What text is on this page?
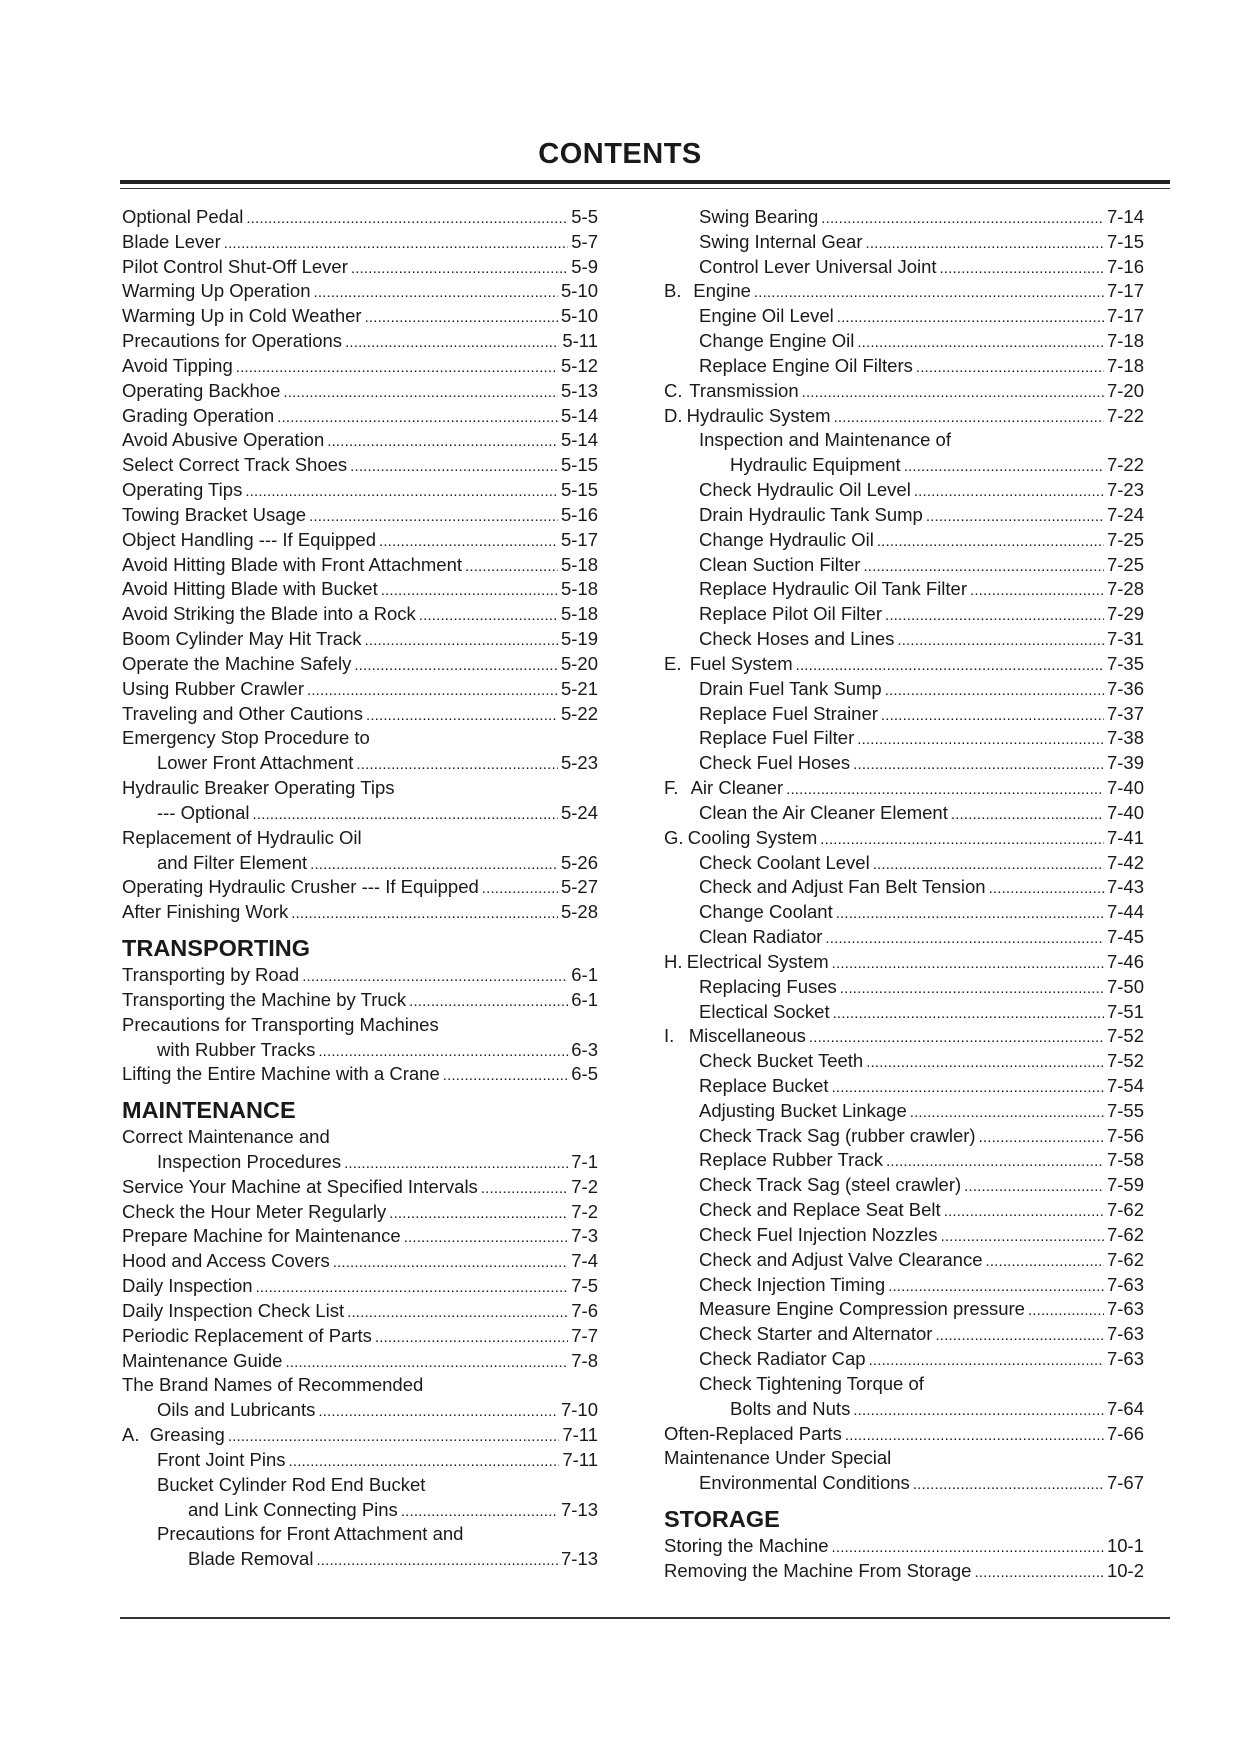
CONTENTS
Optional Pedal . . .	5-5
Blade Lever . . .	5-7
Pilot Control Shut-Off Lever . . .	5-9
Warming Up Operation . . .	5-10
Warming Up in Cold Weather . . .	5-10
Precautions for Operations . . .	5-11
Avoid Tipping . . .	5-12
Operating Backhoe . . .	5-13
Grading Operation . . .	5-14
Avoid Abusive Operation . . .	5-14
Select Correct Track Shoes . . .	5-15
Operating Tips . . .	5-15
Towing Bracket Usage . . .	5-16
Object Handling --- If Equipped . . .	5-17
Avoid Hitting Blade with Front Attachment . . .	5-18
Avoid Hitting Blade with Bucket . . .	5-18
Avoid Striking the Blade into a Rock . . .	5-18
Boom Cylinder May Hit Track . . .	5-19
Operate the Machine Safely . . .	5-20
Using Rubber Crawler . . .	5-21
Traveling and Other Cautions . . .	5-22
Emergency Stop Procedure to
Lower Front Attachment . . .	5-23
Hydraulic Breaker Operating Tips
--- Optional . . .	5-24
Replacement of Hydraulic Oil
and Filter Element . . .	5-26
Operating Hydraulic Crusher --- If Equipped . . .	5-27
After Finishing Work . . .	5-28
TRANSPORTING
Transporting by Road . . .	6-1
Transporting the Machine by Truck . . .	6-1
Precautions for Transporting Machines
with Rubber Tracks . . .	6-3
Lifting the Entire Machine with a Crane . . .	6-5
MAINTENANCE
Correct Maintenance and
Inspection Procedures . . .	7-1
Service Your Machine at Specified Intervals . . .	7-2
Check the Hour Meter Regularly . . .	7-2
Prepare Machine for Maintenance . . .	7-3
Hood and Access Covers . . .	7-4
Daily Inspection . . .	7-5
Daily Inspection Check List . . .	7-6
Periodic Replacement of Parts . . .	7-7
Maintenance Guide . . .	7-8
The Brand Names of Recommended
Oils and Lubricants . . .	7-10
A. Greasing . . .	7-11
Front Joint Pins . . .	7-11
Bucket Cylinder Rod End Bucket
and Link Connecting Pins . . .	7-13
Precautions for Front Attachment and
Blade Removal . . .	7-13
Swing Bearing . . .	7-14
Swing Internal Gear . . .	7-15
Control Lever Universal Joint . . .	7-16
B. Engine . . .	7-17
Engine Oil Level . . .	7-17
Change Engine Oil . . .	7-18
Replace Engine Oil Filters . . .	7-18
C. Transmission . . .	7-20
D. Hydraulic System . . .	7-22
Inspection and Maintenance of
Hydraulic Equipment . . .	7-22
Check Hydraulic Oil Level . . .	7-23
Drain Hydraulic Tank Sump . . .	7-24
Change Hydraulic Oil . . .	7-25
Clean Suction Filter . . .	7-25
Replace Hydraulic Oil Tank Filter . . .	7-28
Replace Pilot Oil Filter . . .	7-29
Check Hoses and Lines . . .	7-31
E. Fuel System . . .	7-35
Drain Fuel Tank Sump . . .	7-36
Replace Fuel Strainer . . .	7-37
Replace Fuel Filter . . .	7-38
Check Fuel Hoses . . .	7-39
F. Air Cleaner . . .	7-40
Clean the Air Cleaner Element . . .	7-40
G. Cooling System . . .	7-41
Check Coolant Level . . .	7-42
Check and Adjust Fan Belt Tension . . .	7-43
Change Coolant . . .	7-44
Clean Radiator . . .	7-45
H. Electrical System . . .	7-46
Replacing Fuses . . .	7-50
Electical Socket . . .	7-51
I. Miscellaneous . . .	7-52
Check Bucket Teeth . . .	7-52
Replace Bucket . . .	7-54
Adjusting Bucket Linkage . . .	7-55
Check Track Sag (rubber crawler) . . .	7-56
Replace Rubber Track . . .	7-58
Check Track Sag (steel crawler) . . .	7-59
Check and Replace Seat Belt . . .	7-62
Check Fuel Injection Nozzles . . .	7-62
Check and Adjust Valve Clearance . . .	7-62
Check Injection Timing . . .	7-63
Measure Engine Compression pressure . . .	7-63
Check Starter and Alternator . . .	7-63
Check Radiator Cap . . .	7-63
Check Tightening Torque of
Bolts and Nuts . . .	7-64
Often-Replaced Parts . . .	7-66
Maintenance Under Special
Environmental Conditions . . .	7-67
STORAGE
Storing the Machine . . .	10-1
Removing the Machine From Storage . . .	10-2
